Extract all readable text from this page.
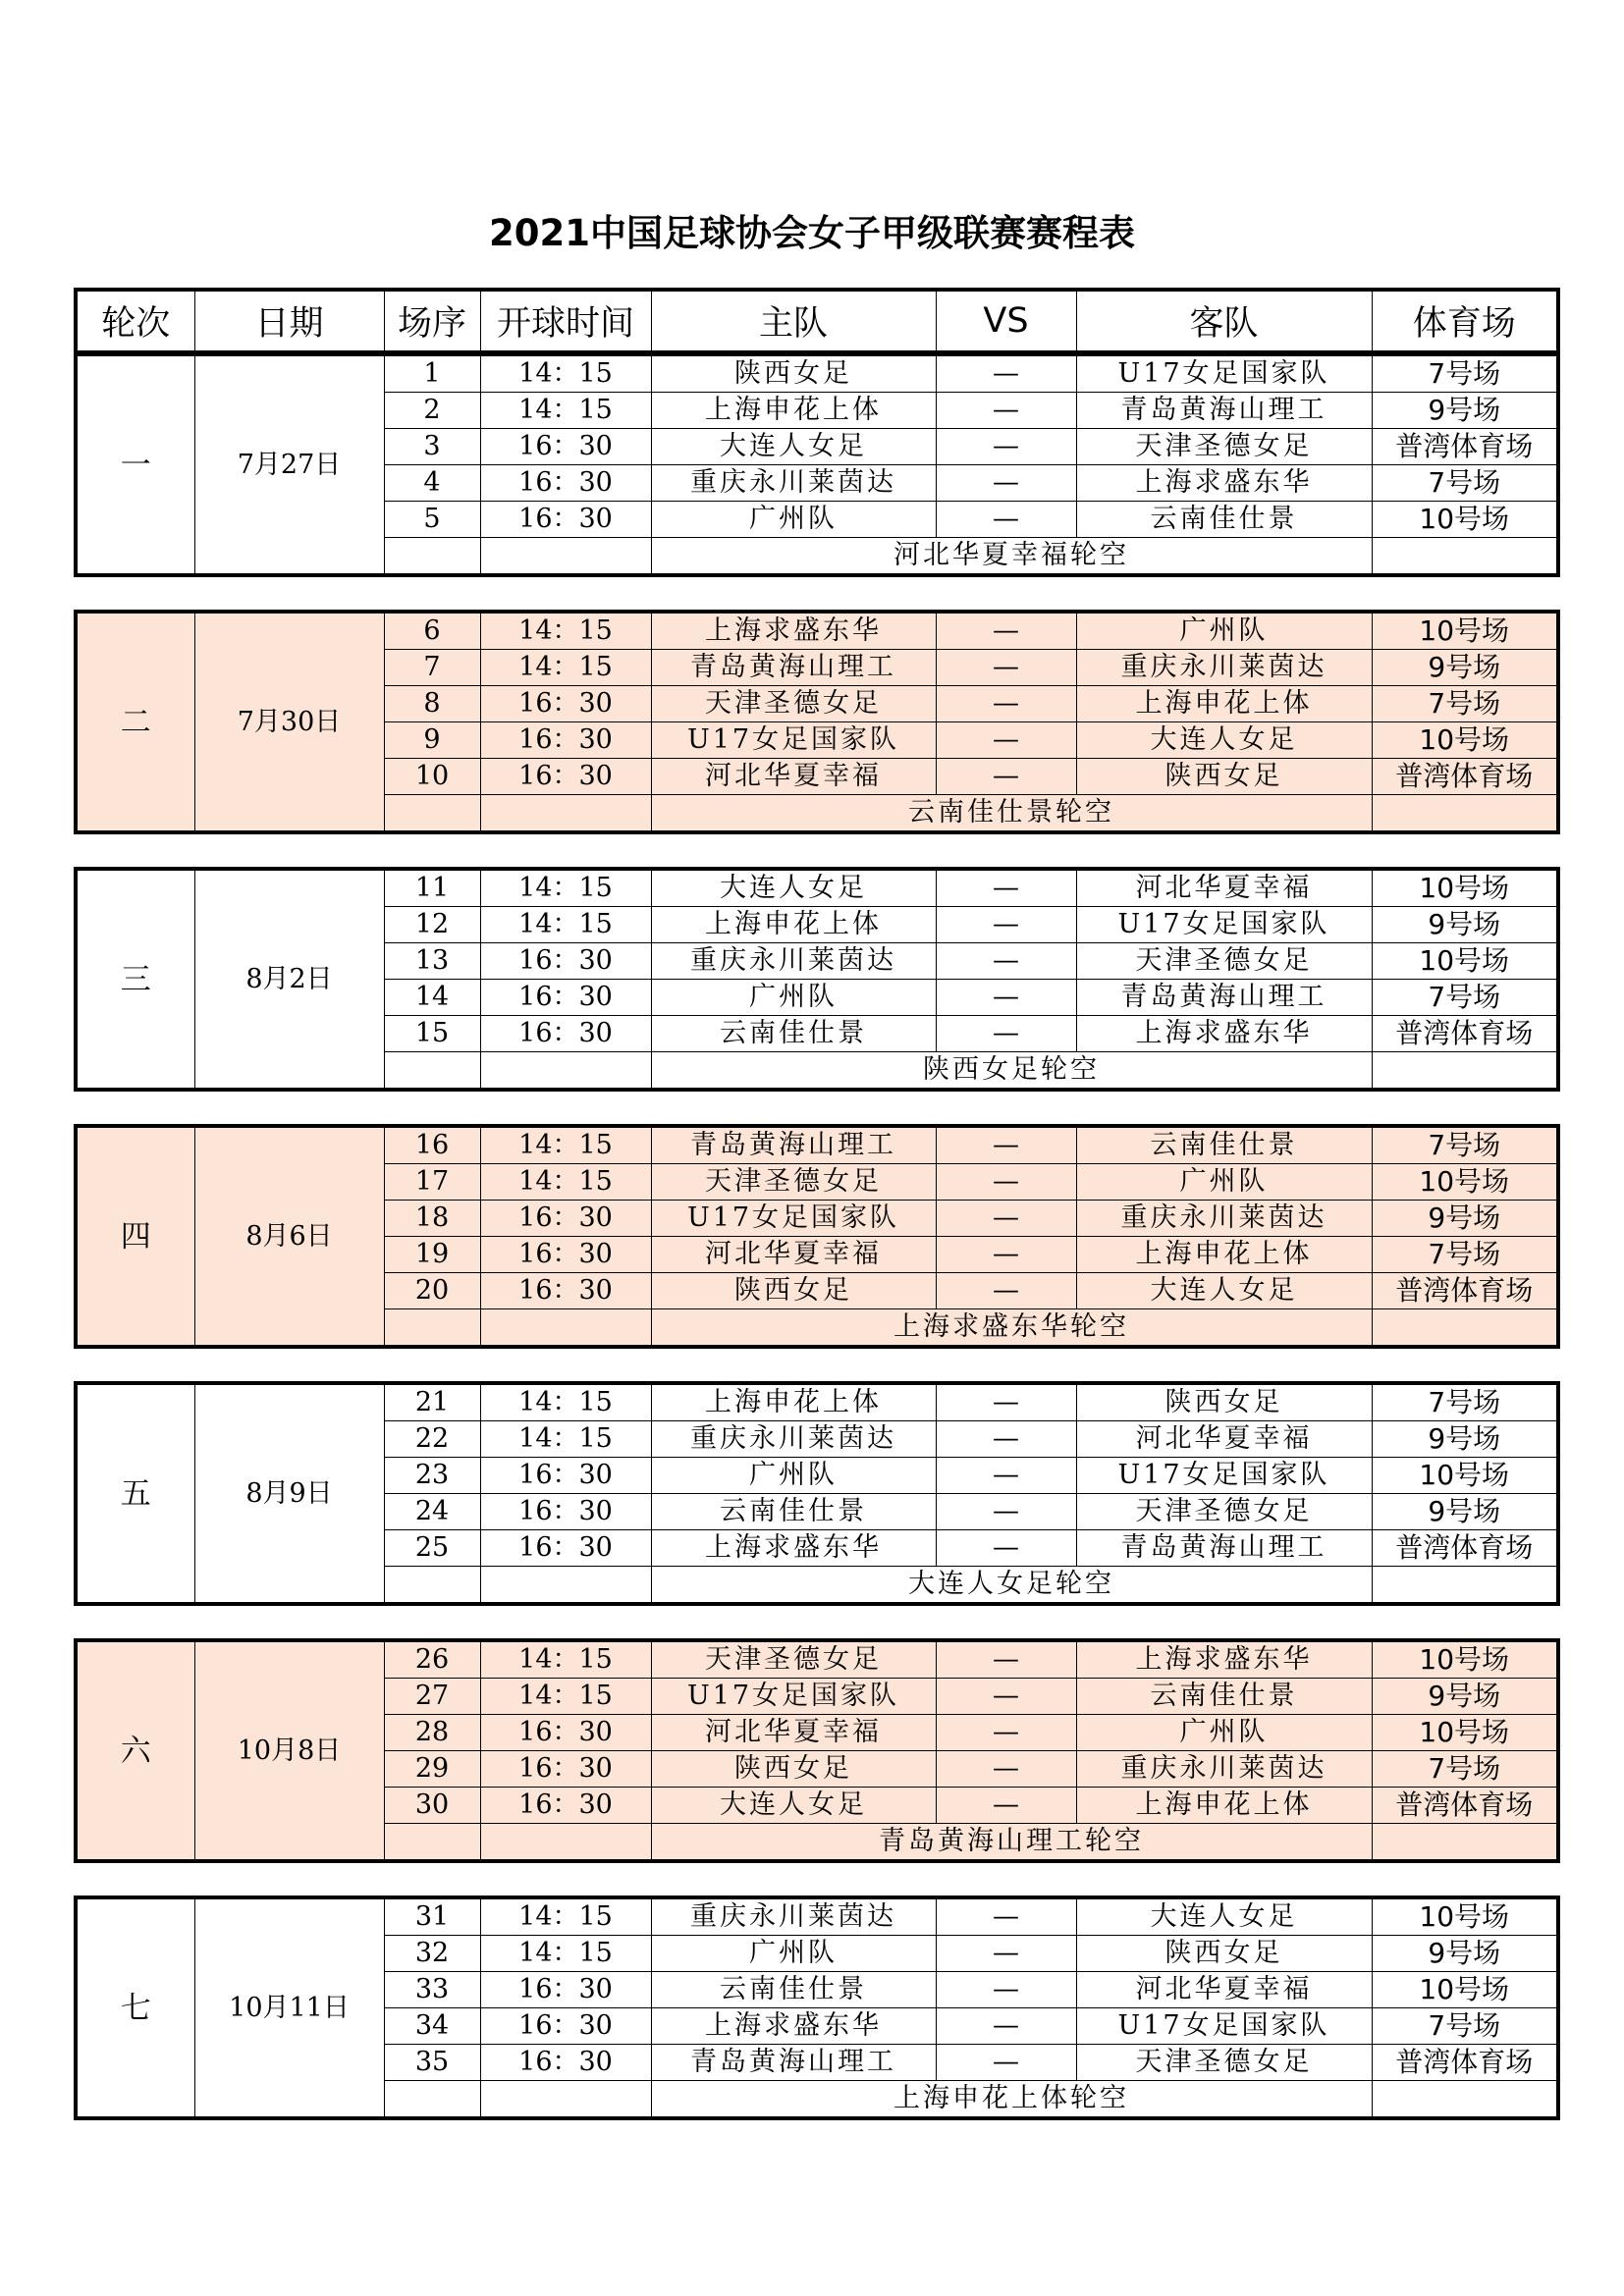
2021中国足球协会女子甲级联赛赛程表
轮次	日期	场序	开球时间	主队	VS	客队	体育场
一	7月27日	1	14：15	陕西女足	—	U17女足国家队	7号场
		2	14：15	上海申花上体	—	青岛黄海山理工	9号场
		3	16：30	大连人女足	—	天津圣德女足	普湾体育场
		4	16：30	重庆永川莱茵达	—	上海求盛东华	7号场
		5	16：30	广州队	—	云南佳仕景	10号场
				河北华夏幸福轮空			
二	7月30日	6	14：15	上海求盛东华	—	广州队	10号场
		7	14：15	青岛黄海山理工	—	重庆永川莱茵达	9号场
		8	16：30	天津圣德女足	—	上海申花上体	7号场
		9	16：30	U17女足国家队	—	大连人女足	10号场
		10	16：30	河北华夏幸福	—	陕西女足	普湾体育场
				云南佳仕景轮空			
三	8月2日	11	14：15	大连人女足	—	河北华夏幸福	10号场
		12	14：15	上海申花上体	—	U17女足国家队	9号场
		13	16：30	重庆永川莱茵达	—	天津圣德女足	10号场
		14	16：30	广州队	—	青岛黄海山理工	7号场
		15	16：30	云南佳仕景	—	上海求盛东华	普湾体育场
				陕西女足轮空			
四	8月6日	16	14：15	青岛黄海山理工	—	云南佳仕景	7号场
		17	14：15	天津圣德女足	—	广州队	10号场
		18	16：30	U17女足国家队	—	重庆永川莱茵达	9号场
		19	16：30	河北华夏幸福	—	上海申花上体	7号场
		20	16：30	陕西女足	—	大连人女足	普湾体育场
				上海求盛东华轮空			
五	8月9日	21	14：15	上海申花上体	—	陕西女足	7号场
		22	14：15	重庆永川莱茵达	—	河北华夏幸福	9号场
		23	16：30	广州队	—	U17女足国家队	10号场
		24	16：30	云南佳仕景	—	天津圣德女足	9号场
		25	16：30	上海求盛东华	—	青岛黄海山理工	普湾体育场
				大连人女足轮空			
六	10月8日	26	14：15	天津圣德女足	—	上海求盛东华	10号场
		27	14：15	U17女足国家队	—	云南佳仕景	9号场
		28	16：30	河北华夏幸福	—	广州队	10号场
		29	16：30	陕西女足	—	重庆永川莱茵达	7号场
		30	16：30	大连人女足	—	上海申花上体	普湾体育场
				青岛黄海山理工轮空			
七	10月11日	31	14：15	重庆永川莱茵达	—	大连人女足	10号场
		32	14：15	广州队	—	陕西女足	9号场
		33	16：30	云南佳仕景	—	河北华夏幸福	10号场
		34	16：30	上海求盛东华	—	U17女足国家队	7号场
		35	16：30	青岛黄海山理工	—	天津圣德女足	普湾体育场
				上海申花上体轮空			
